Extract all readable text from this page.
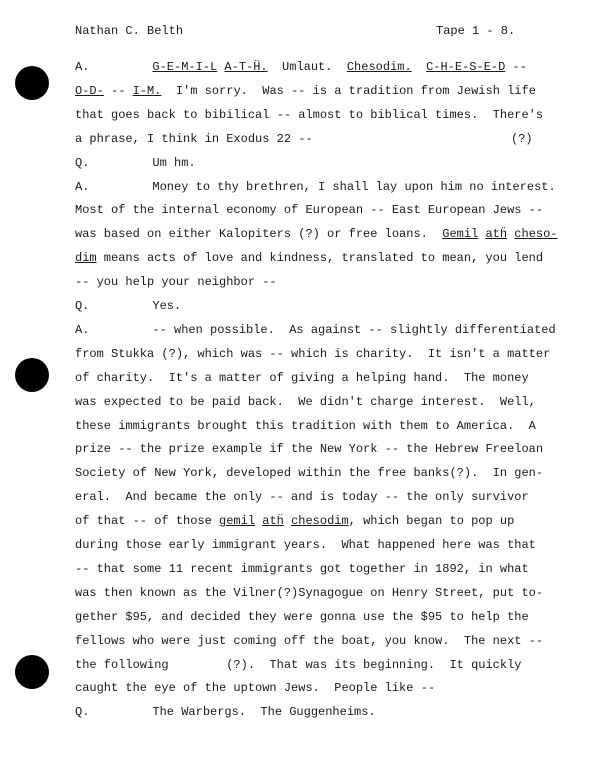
Nathan C. Belth	Tape 1 - 8.
A.	G-E-M-I-L A-T-Ḧ.  Umlaut.  Chesodim. C-H-E-S-E-D --
O-D- -- I-M.  I'm sorry.  Was -- is a tradition from Jewish life
that goes back to bibilical -- almost to biblical times.  There's
a phrase, I think in Exodus 22 --	(?)
Q.	Um hm.
A.	Money to thy brethren, I shall lay upon him no interest.
Most of the internal economy of European -- East European Jews --
was based on either Kalopiters (?) or free loans.  Gemil atḧ cheso-
dim means acts of love and kindness, translated to mean, you lend
-- you help your neighbor --
Q.	Yes.
A.	-- when possible.  As against -- slightly differentiated
from Stukka (?), which was -- which is charity.  It isn't a matter
of charity.  It's a matter of giving a helping hand.  The money
was expected to be paid back.  We didn't charge interest.  Well,
these immigrants brought this tradition with them to America.  A
prize -- the prize example if the New York -- the Hebrew Freeloan
Society of New York, developed within the free banks(?).  In gen-
eral.  And became the only -- and is today -- the only survivor
of that -- of those gemil atḧ chesodim, which began to pop up
during those early immigrant years.  What happened here was that
-- that some 11 recent immigrants got together in 1892, in what
was then known as the Vilner(?)Synagogue on Henry Street, put to-
gether $95, and decided they were gonna use the $95 to help the
fellows who were just coming off the boat, you know.  The next --
the following        (?).  That was its beginning.  It quickly
caught the eye of the uptown Jews.  People like --
Q.	The Warbergs.  The Guggenheims.
